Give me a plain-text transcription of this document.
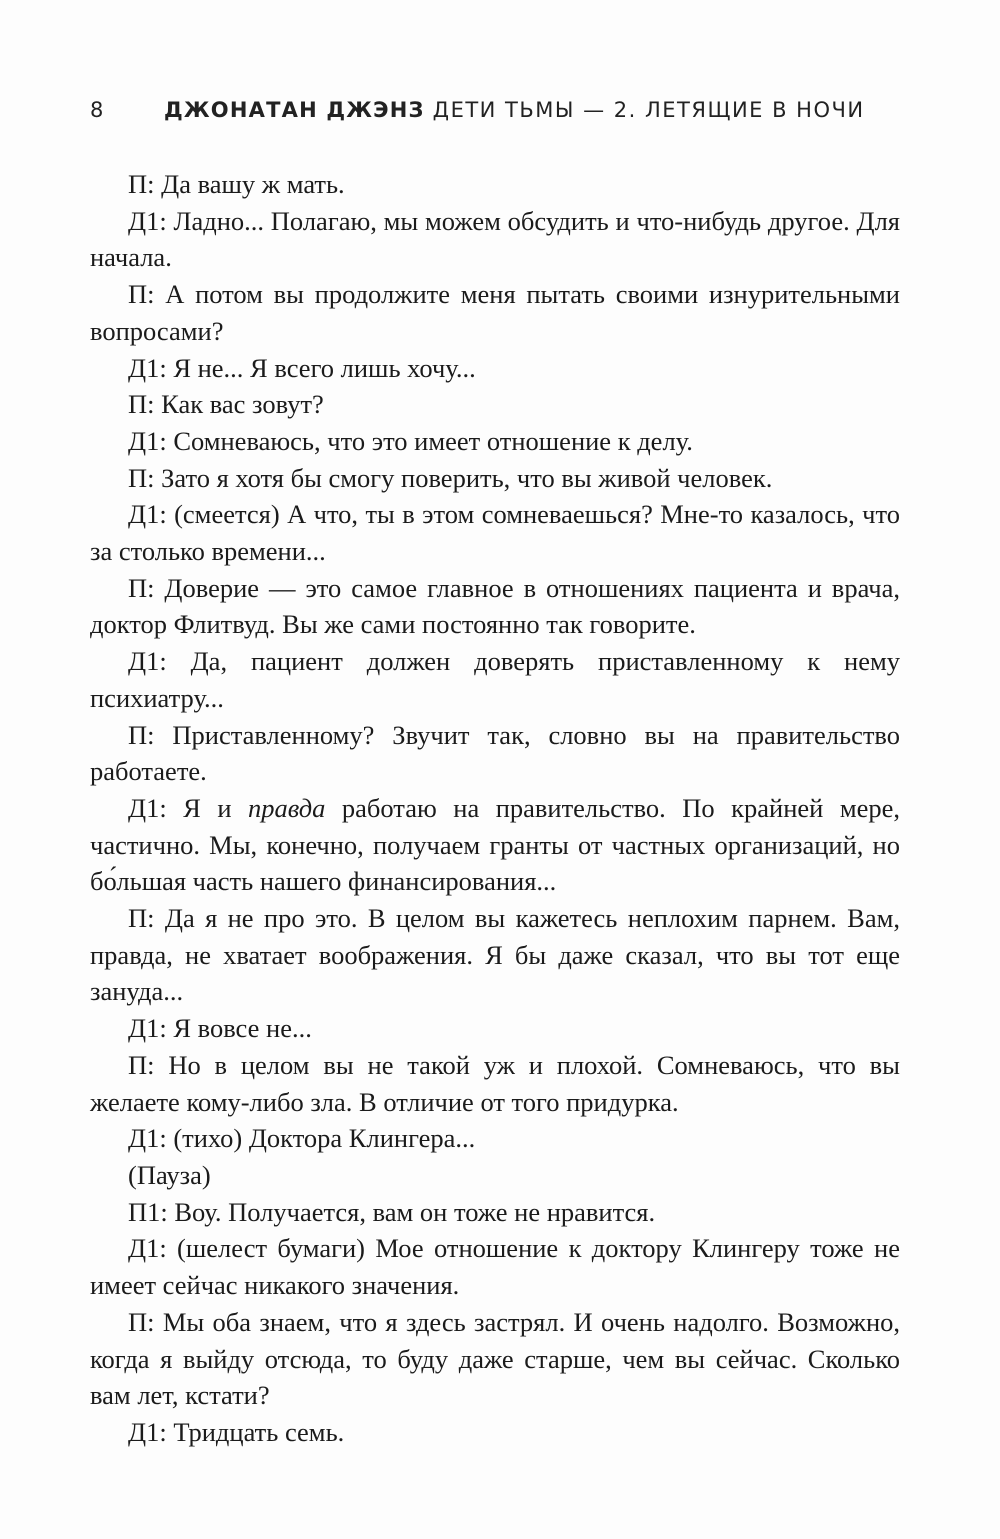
8	ДЖОНАТАН ДЖЭНЗ ДЕТИ ТЬМЫ — 2. ЛЕТЯЩИЕ В НОЧИ

П: Да вашу ж мать.

Д1: Ладно... Полагаю, мы можем обсудить и что-нибудь другое. Для начала.

П: А потом вы продолжите меня пытать своими изнурительными вопросами?

Д1: Я не... Я всего лишь хочу...

П: Как вас зовут?

Д1: Сомневаюсь, что это имеет отношение к делу.

П: Зато я хотя бы смогу поверить, что вы живой человек.

Д1: (смеется) А что, ты в этом сомневаешься? Мне-то казалось, что за столько времени...

П: Доверие — это самое главное в отношениях пациента и врача, доктор Флитвуд. Вы же сами постоянно так говорите.

Д1: Да, пациент должен доверять приставленному к нему психиатру...

П: Приставленному? Звучит так, словно вы на правительство работаете.

Д1: Я и правда работаю на правительство. По крайней мере, частично. Мы, конечно, получаем гранты от частных организаций, но бо́льшая часть нашего финансирования...

П: Да я не про это. В целом вы кажетесь неплохим парнем. Вам, правда, не хватает воображения. Я бы даже сказал, что вы тот еще зануда...

Д1: Я вовсе не...

П: Но в целом вы не такой уж и плохой. Сомневаюсь, что вы желаете кому-либо зла. В отличие от того придурка.

Д1: (тихо) Доктора Клингера...

(Пауза)

П1: Воу. Получается, вам он тоже не нравится.

Д1: (шелест бумаги) Мое отношение к доктору Клингеру тоже не имеет сейчас никакого значения.

П: Мы оба знаем, что я здесь застрял. И очень надолго. Возможно, когда я выйду отсюда, то буду даже старше, чем вы сейчас. Сколько вам лет, кстати?

Д1: Тридцать семь.
